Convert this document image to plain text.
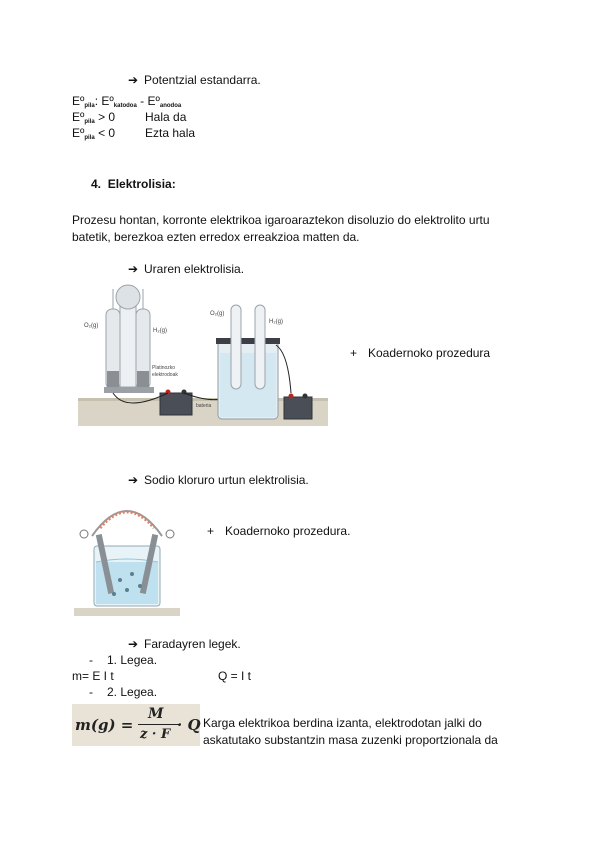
➔ Potentzial estandarra.
Eº$_{pila}$: Eº$_{katodoa}$ - Eº$_{anodoa}$
Eº$_{pila}$ > 0 Hala da
Eº$_{pila}$ < 0 Ezta hala
4. Elektrolisia:
Prozesu hontan, korronte elektrikoa igaroaraztekon disoluzio do elektrolito urtu batetik, berezkoa ezten erredox erreakzioa matten da.
➔ Uraren elektrolisia.
O₂(g)
H₂(g)
Platinozko
elektrodoak
bateria
O₂(g)
H₂(g)
+ Koadernoko prozedura
➔ Sodio kloruro urtun elektrolisia.
+ Koadernoko prozedura.
➔ Faradayren legek.
- 1. Legea.
m= E I t	Q = I t
- 2. Legea.
m(g) =
M
z · F
· Q Karga elektrikoa berdina izanta, elektrodotan jalki do
askatutako substantzin masa zuzenki proportzionala da
